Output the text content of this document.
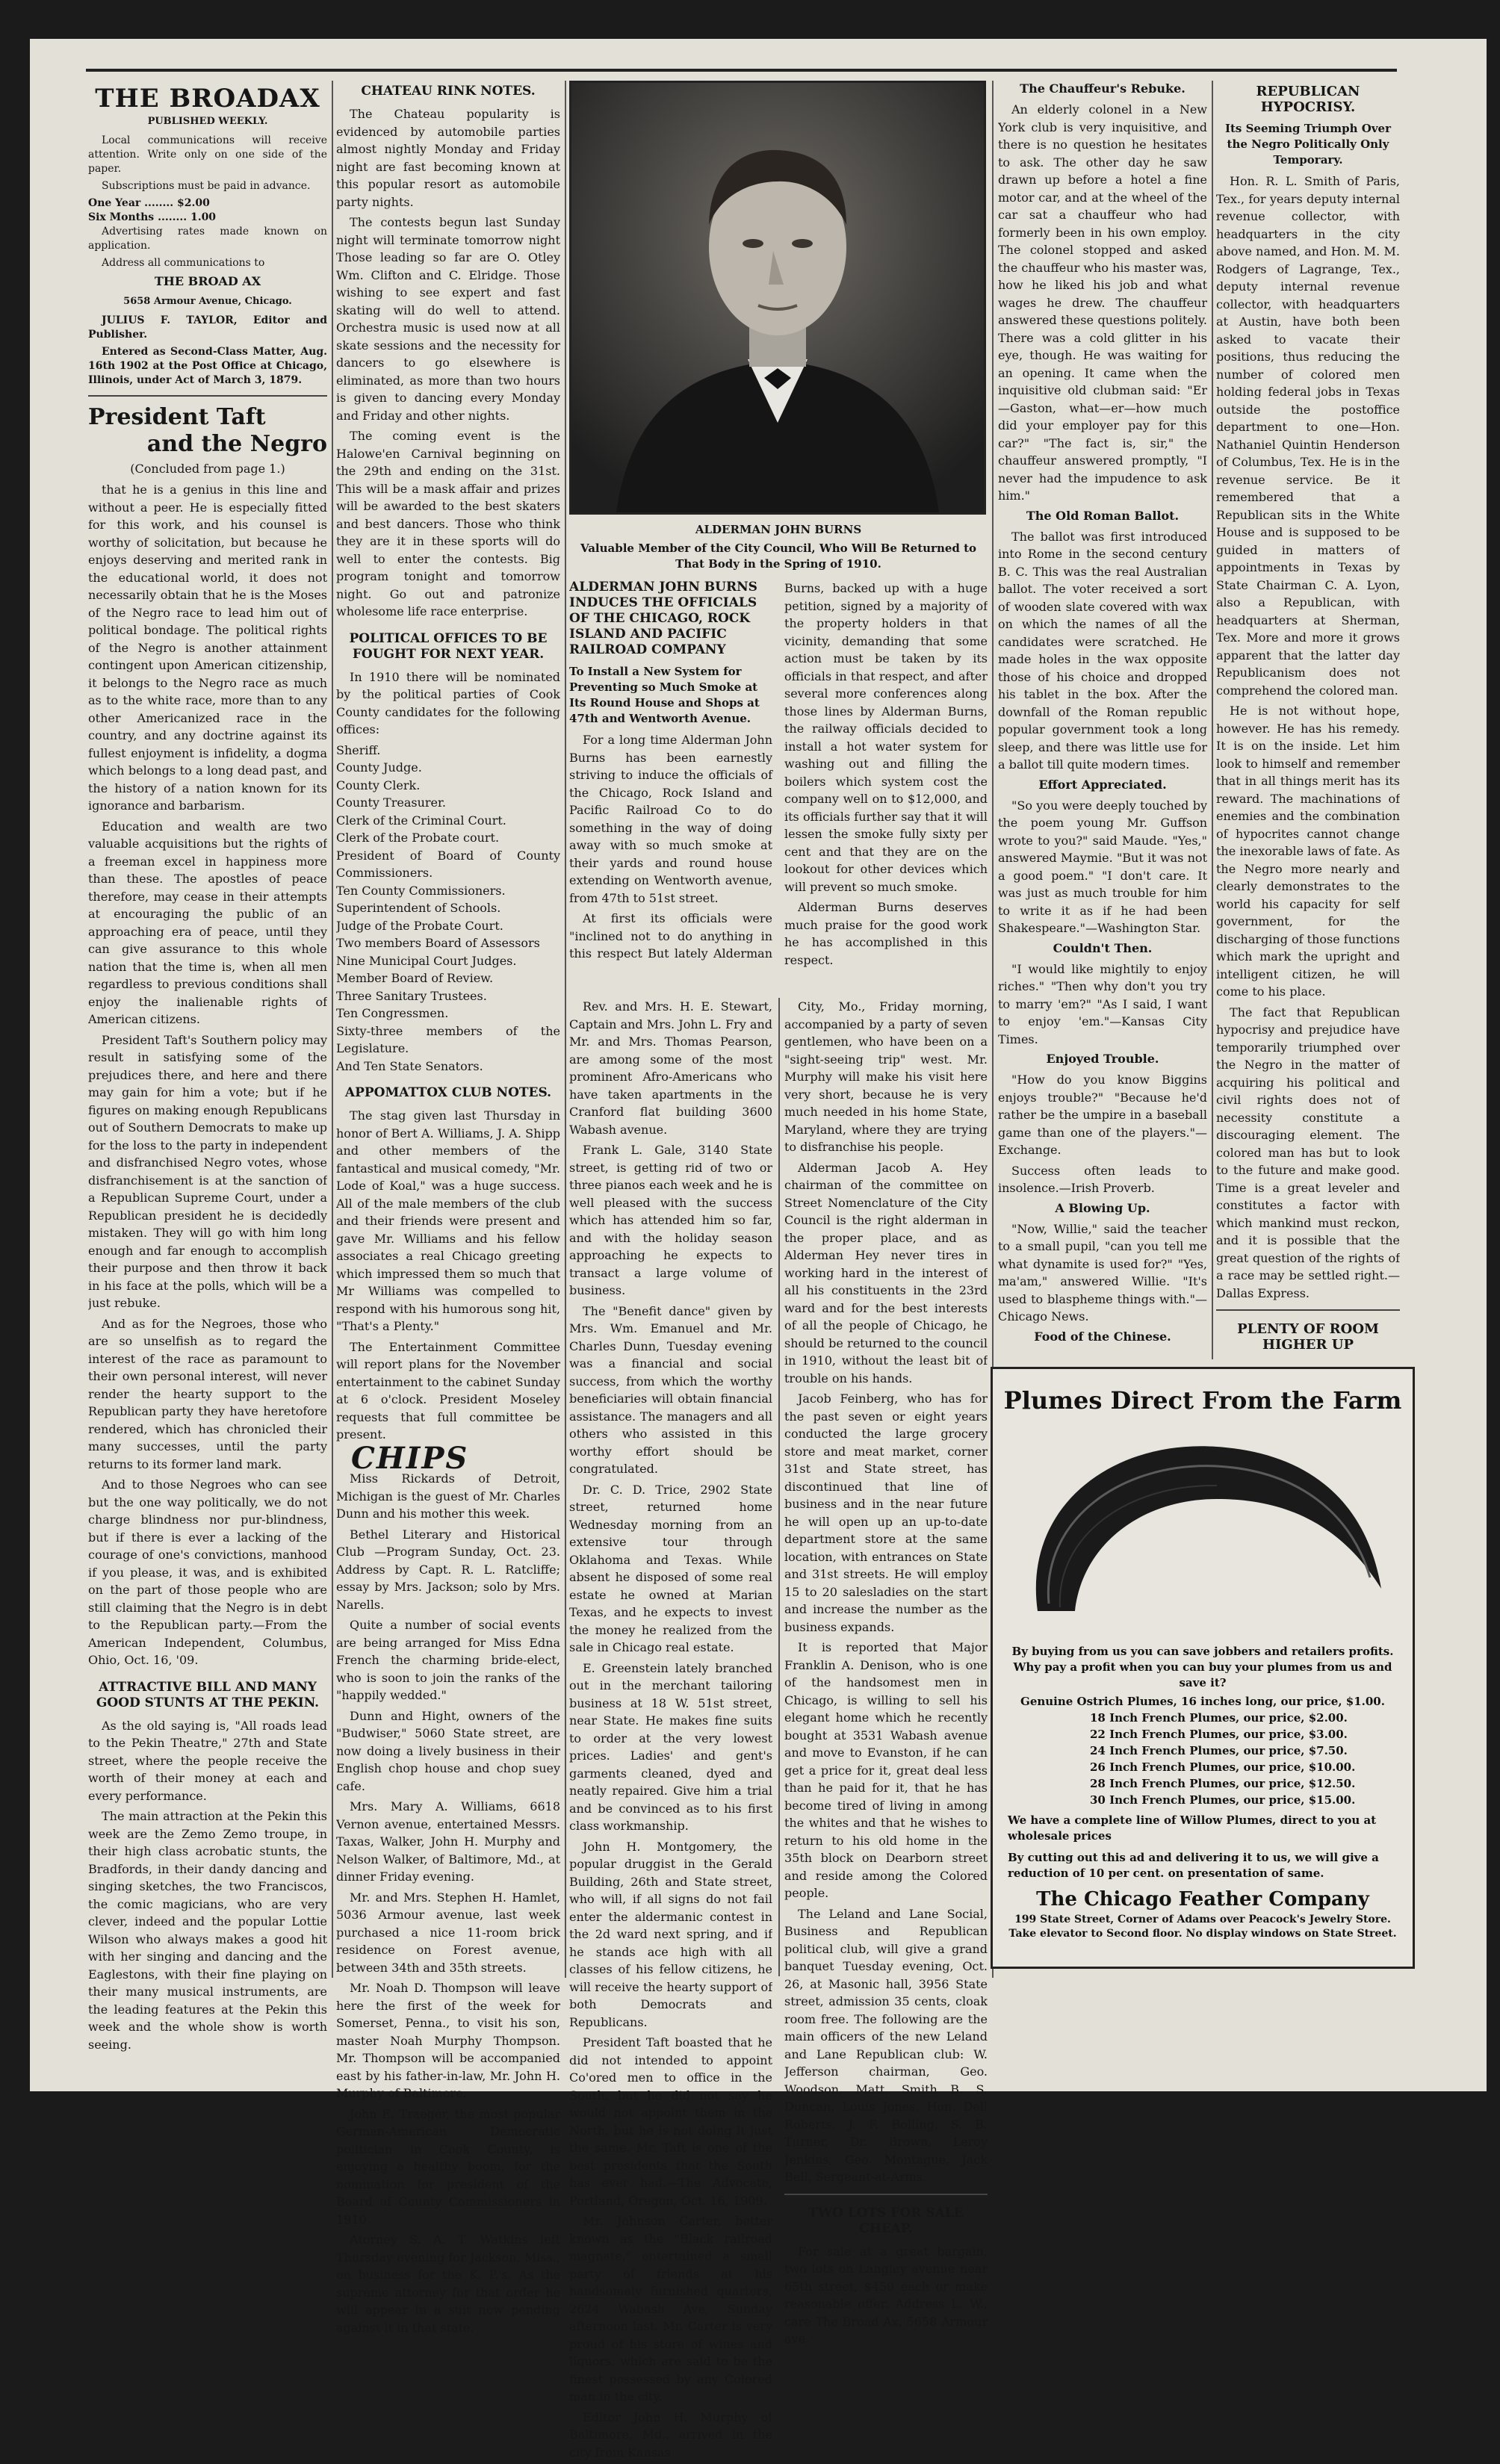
THE BROADAX
PUBLISHED WEEKLY.

Local communications will receive attention. Write only on one side of the paper.

Subscriptions must be paid in advance.

One Year ........ $2.00
Six Months ........ 1.00

Advertising rates made known on application.

Address all communications to

THE BROAD AX
5658 Armour Avenue, Chicago.

JULIUS F. TAYLOR, Editor and Publisher.

Entered as Second-Class Matter, Aug. 16th 1902 at the Post Office at Chicago, Illinois, under Act of March 3, 1879.

President Taft
and the Negro
(Concluded from page 1.)

that he is a genius in this line and without a peer. He is especially fitted for this work, and his counsel is worthy of solicitation, but because he enjoys deserving and merited rank in the educational world, it does not necessarily obtain that he is the Moses of the Negro race to lead him out of political bondage. The political rights of the Negro is another attainment contingent upon American citizenship, it belongs to the Negro race as much as to the white race, more than to any other Americanized race in the country, and any doctrine against its fullest enjoyment is infidelity, a dogma which belongs to a long dead past, and the history of a nation known for its ignorance and barbarism.

Education and wealth are two valuable acquisitions but the rights of a freeman excel in happiness more than these. The apostles of peace therefore, may cease in their attempts at encouraging the public of an approaching era of peace, until they can give assurance to this whole nation that the time is, when all men regardless to previous conditions shall enjoy the inalienable rights of American citizens.

President Taft's Southern policy may result in satisfying some of the prejudices there, and here and there may gain for him a vote; but if he figures on making enough Republicans out of Southern Democrats to make up for the loss to the party in independent and disfranchised Negro votes, whose disfranchisement is at the sanction of a Republican Supreme Court, under a Republican president he is decidedly mistaken. They will go with him long enough and far enough to accomplish their purpose and then throw it back in his face at the polls, which will be a just rebuke.

And as for the Negroes, those who are so unselfish as to regard the interest of the race as paramount to their own personal interest, will never render the hearty support to the Republican party they have heretofore rendered, which has chronicled their many successes, until the party returns to its former land mark.

And to those Negroes who can see but the one way politically, we do not charge blindness nor pur-blindness, but if there is ever a lacking of the courage of one's convictions, manhood if you please, it was, and is exhibited on the part of those people who are still claiming that the Negro is in debt to the Republican party.—From the American Independent, Columbus, Ohio, Oct. 16, '09.

ATTRACTIVE BILL AND MANY GOOD STUNTS AT THE PEKIN.

As the old saying is, "All roads lead to the Pekin Theatre," 27th and State street, where the people receive the worth of their money at each and every performance.

The main attraction at the Pekin this week are the Zemo Zemo troupe, in their high class acrobatic stunts, the Bradfords, in their dandy dancing and singing sketches, the two Franciscos, the comic magicians, who are very clever, indeed and the popular Lottie Wilson who always makes a good hit with her singing and dancing and the Eaglestons, with their fine playing on their many musical instruments, are the leading features at the Pekin this week and the whole show is worth seeing.

CHATEAU RINK NOTES.

The Chateau popularity is evidenced by automobile parties almost nightly Monday and Friday night are fast becoming known at this popular resort as automobile party nights.

The contests begun last Sunday night will terminate tomorrow night Those leading so far are O. Otley Wm. Clifton and C. Elridge. Those wishing to see expert and fast skating will do well to attend. Orchestra music is used now at all skate sessions and the necessity for dancers to go elsewhere is eliminated, as more than two hours is given to dancing every Monday and Friday and other nights.

The coming event is the Halowe'en Carnival beginning on the 29th and ending on the 31st. This will be a mask affair and prizes will be awarded to the best skaters and best dancers. Those who think they are it in these sports will do well to enter the contests. Big program tonight and tomorrow night. Go out and patronize wholesome life race enterprise.

POLITICAL OFFICES TO BE FOUGHT FOR NEXT YEAR.

In 1910 there will be nominated by the political parties of Cook County candidates for the following offices:

Sheriff.
County Judge.
County Clerk.
County Treasurer.
Clerk of the Criminal Court.
Clerk of the Probate court.
President of Board of County Commissioners.
Ten County Commissioners.
Superintendent of Schools.
Judge of the Probate Court.
Two members Board of Assessors
Nine Municipal Court Judges.
Member Board of Review.
Three Sanitary Trustees.
Ten Congressmen.
Sixty-three members of the Legislature.
And Ten State Senators.
APPOMATTOX CLUB NOTES.

The stag given last Thursday in honor of Bert A. Williams, J. A. Shipp and other members of the fantastical and musical comedy, "Mr. Lode of Koal," was a huge success. All of the male members of the club and their friends were present and gave Mr. Williams and his fellow associates a real Chicago greeting which impressed them so much that Mr Williams was compelled to respond with his humorous song hit, "That's a Plenty."

The Entertainment Committee will report plans for the November entertainment to the cabinet Sunday at 6 o'clock. President Moseley requests that full committee be present.

CHIPS

Miss Rickards of Detroit, Michigan is the guest of Mr. Charles Dunn and his mother this week.

Bethel Literary and Historical Club —Program Sunday, Oct. 23. Address by Capt. R. L. Ratcliffe; essay by Mrs. Jackson; solo by Mrs. Narells.

Quite a number of social events are being arranged for Miss Edna French the charming bride-elect, who is soon to join the ranks of the "happily wedded."

Dunn and Hight, owners of the "Budwiser," 5060 State street, are now doing a lively business in their English chop house and chop suey cafe.

Mrs. Mary A. Williams, 6618 Vernon avenue, entertained Messrs. Taxas, Walker, John H. Murphy and Nelson Walker, of Baltimore, Md., at dinner Friday evening.

Mr. and Mrs. Stephen H. Hamlet, 5036 Armour avenue, last week purchased a nice 11-room brick residence on Forest avenue, between 34th and 35th streets.

Mr. Noah D. Thompson will leave here the first of the week for Somerset, Penna., to visit his son, master Noah Murphy Thompson. Mr. Thompson will be accompanied east by his father-in-law, Mr. John H. Murphy of Baltimore.

John E. Traeger, the most popular German-American Democratic politician in Cook County, is enjoying a healthy boom, for the nomination for president of the Board of County Commissioners in 1910.

Atorney S. A. T. Watkins left Thursday evening for Jackson, Miss., on business for the K. P.'s. As the supreme attorney for that order he will appear in a suit now pending against it in that state.

ALDERMAN JOHN BURNS
Valuable Member of the City Council, Who Will Be Returned to That Body in the Spring of 1910.
ALDERMAN JOHN BURNS INDUCES THE OFFICIALS OF THE CHICAGO, ROCK ISLAND AND PACIFIC RAILROAD COMPANY
To Install a New System for Preventing so Much Smoke at Its Round House and Shops at 47th and Wentworth Avenue.

For a long time Alderman John Burns has been earnestly striving to induce the officials of the Chicago, Rock Island and Pacific Railroad Co to do something in the way of doing away with so much smoke at their yards and round house extending on Wentworth avenue, from 47th to 51st street.

At first its officials were "inclined not to do anything in this respect But lately Alderman Burns, backed up with a huge petition, signed by a majority of the property holders in that vicinity, demanding that some action must be taken by its officials in that respect, and after several more conferences along those lines by Alderman Burns, the railway officials decided to install a hot water system for washing out and filling the boilers which system cost the company well on to $12,000, and its officials further say that it will lessen the smoke fully sixty per cent and that they are on the lookout for other devices which will prevent so much smoke.

Alderman Burns deserves much praise for the good work he has accomplished in this respect.

Rev. and Mrs. H. E. Stewart, Captain and Mrs. John L. Fry and Mr. and Mrs. Thomas Pearson, are among some of the most prominent Afro-Americans who have taken apartments in the Cranford flat building 3600 Wabash avenue.

Frank L. Gale, 3140 State street, is getting rid of two or three pianos each week and he is well pleased with the success which has attended him so far, and with the holiday season approaching he expects to transact a large volume of business.

The "Benefit dance" given by Mrs. Wm. Emanuel and Mr. Charles Dunn, Tuesday evening was a financial and social success, from which the worthy beneficiaries will obtain financial assistance. The managers and all others who assisted in this worthy effort should be congratulated.

Dr. C. D. Trice, 2902 State street, returned home Wednesday morning from an extensive tour through Oklahoma and Texas. While absent he disposed of some real estate he owned at Marian Texas, and he expects to invest the money he realized from the sale in Chicago real estate.

E. Greenstein lately branched out in the merchant tailoring business at 18 W. 51st street, near State. He makes fine suits to order at the very lowest prices. Ladies' and gent's garments cleaned, dyed and neatly repaired. Give him a trial and be convinced as to his first class workmanship.

John H. Montgomery, the popular druggist in the Gerald Building, 26th and State street, who will, if all signs do not fail enter the aldermanic contest in the 2d ward next spring, and if he stands ace high with all classes of his fellow citizens, he will receive the hearty support of both Democrats and Republicans.

President Taft boasted that he did not intended to appoint Co'ored men to office in the South, but he did not say he would not appoint them in the North, but he is not doing it just the same. Mr. Taft is one of the best presidents that the South has ever had.—The Advocate, Portland, Oregon, Oct. 16, 1909.

Mr. Johnson Carter, better known as the "Black railroad magnate," entertained a small party of friends at his handsomely furnished quarters, 2624 Wabash Ave, Sunday afternoon last. Mr. Carter is very proud of his store of wines and liquors, which are said to be the finest possessed by any Colored man in the city.

Editor John H. Murphy of Baltimore, Md., arrived in the city from Kansas

City, Mo., Friday morning, accompanied by a party of seven gentlemen, who have been on a "sight-seeing trip" west. Mr. Murphy will make his visit here very short, because he is very much needed in his home State, Maryland, where they are trying to disfranchise his people.

Alderman Jacob A. Hey chairman of the committee on Street Nomenclature of the City Council is the right alderman in the proper place, and as Alderman Hey never tires in working hard in the interest of all his constituents in the 23rd ward and for the best interests of all the people of Chicago, he should be returned to the council in 1910, without the least bit of trouble on his hands.

Jacob Feinberg, who has for the past seven or eight years conducted the large grocery store and meat market, corner 31st and State street, has discontinued that line of business and in the near future he will open up an up-to-date department store at the same location, with entrances on State and 31st streets. He will employ 15 to 20 salesladies on the start and increase the number as the business expands.

It is reported that Major Franklin A. Denison, who is one of the handsomest men in Chicago, is willing to sell his elegant home which he recently bought at 3531 Wabash avenue and move to Evanston, if he can get a price for it, great deal less than he paid for it, that he has become tired of living in among the whites and that he wishes to return to his old home in the 35th block on Dearborn street and reside among the Colored people.

The Leland and Lane Social, Business and Republican political club, will give a grand banquet Tuesday evening, Oct. 26, at Masonic hall, 3956 State street, admission 35 cents, cloak room free. The following are the main officers of the new Leland and Lane Republican club: W. Jefferson chairman, Geo. Woodson, Matt. Smith B. S. Duncan, Louis Jones, Hon. Dell Roberts, J. F. Bolling, S. B. Turner, Dr. Brown, Leroy Jenkins, Geo. Montague, Jack Bell, Sergeant-at-Arms.

TWO LOTS FOR SALE CHEAP.

For sale at a great bargain, two lots on Langley avenue near 65th street, $450 each or make reasonable offer. Address L. W., care The Broad Ax, 5658 Armour ave.

The Chauffeur's Rebuke.

An elderly colonel in a New York club is very inquisitive, and there is no question he hesitates to ask. The other day he saw drawn up before a hotel a fine motor car, and at the wheel of the car sat a chauffeur who had formerly been in his own employ. The colonel stopped and asked the chauffeur who his master was, how he liked his job and what wages he drew. The chauffeur answered these questions politely. There was a cold glitter in his eye, though. He was waiting for an opening. It came when the inquisitive old clubman said: "Er—Gaston, what—er—how much did your employer pay for this car?" "The fact is, sir," the chauffeur answered promptly, "I never had the impudence to ask him."

The Old Roman Ballot.

The ballot was first introduced into Rome in the second century B. C. This was the real Australian ballot. The voter received a sort of wooden slate covered with wax on which the names of all the candidates were scratched. He made holes in the wax opposite those of his choice and dropped his tablet in the box. After the downfall of the Roman republic popular government took a long sleep, and there was little use for a ballot till quite modern times.

Effort Appreciated.

"So you were deeply touched by the poem young Mr. Guffson wrote to you?" said Maude. "Yes," answered Maymie. "But it was not a good poem." "I don't care. It was just as much trouble for him to write it as if he had been Shakespeare."—Washington Star.

Couldn't Then.

"I would like mightily to enjoy riches." "Then why don't you try to marry 'em?" "As I said, I want to enjoy 'em."—Kansas City Times.

Enjoyed Trouble.

"How do you know Biggins enjoys trouble?" "Because he'd rather be the umpire in a baseball game than one of the players."—Exchange.

Success often leads to insolence.—Irish Proverb.

A Blowing Up.

"Now, Willie," said the teacher to a small pupil, "can you tell me what dynamite is used for?" "Yes, ma'am," answered Willie. "It's used to blaspheme things with."—Chicago News.

Food of the Chinese.

REPUBLICAN HYPOCRISY.
Its Seeming Triumph Over the Negro Politically Only Temporary.

Hon. R. L. Smith of Paris, Tex., for years deputy internal revenue collector, with headquarters in the city above named, and Hon. M. M. Rodgers of Lagrange, Tex., deputy internal revenue collector, with headquarters at Austin, have both been asked to vacate their positions, thus reducing the number of colored men holding federal jobs in Texas outside the postoffice department to one—Hon. Nathaniel Quintin Henderson of Columbus, Tex. He is in the revenue service. Be it remembered that a Republican sits in the White House and is supposed to be guided in matters of appointments in Texas by State Chairman C. A. Lyon, also a Republican, with headquarters at Sherman, Tex. More and more it grows apparent that the latter day Republicanism does not comprehend the colored man.

He is not without hope, however. He has his remedy. It is on the inside. Let him look to himself and remember that in all things merit has its reward. The machinations of enemies and the combination of hypocrites cannot change the inexorable laws of fate. As the Negro more nearly and clearly demonstrates to the world his capacity for self government, for the discharging of those functions which mark the upright and intelligent citizen, he will come to his place.

The fact that Republican hypocrisy and prejudice have temporarily triumphed over the Negro in the matter of acquiring his political and civil rights does not of necessity constitute a discouraging element. The colored man has but to look to the future and make good. Time is a great leveler and constitutes a factor with which mankind must reckon, and it is possible that the great question of the rights of a race may be settled right.—Dallas Express.

PLENTY OF ROOM HIGHER UP

Plumes Direct From the Farm
By buying from us you can save jobbers and retailers profits. Why pay a profit when you can buy your plumes from us and save it?
Genuine Ostrich Plumes, 16 inches long, our price, $1.00.
18 Inch French Plumes, our price, $2.00.
22 Inch French Plumes, our price, $3.00.
24 Inch French Plumes, our price, $7.50.
26 Inch French Plumes, our price, $10.00.
28 Inch French Plumes, our price, $12.50.
30 Inch French Plumes, our price, $15.00.
We have a complete line of Willow Plumes, direct to you at wholesale prices
By cutting out this ad and delivering it to us, we will give a reduction of 10 per cent. on presentation of same.
The Chicago Feather Company
199 State Street, Corner of Adams over Peacock's Jewelry Store. Take elevator to Second floor. No display windows on State Street.
